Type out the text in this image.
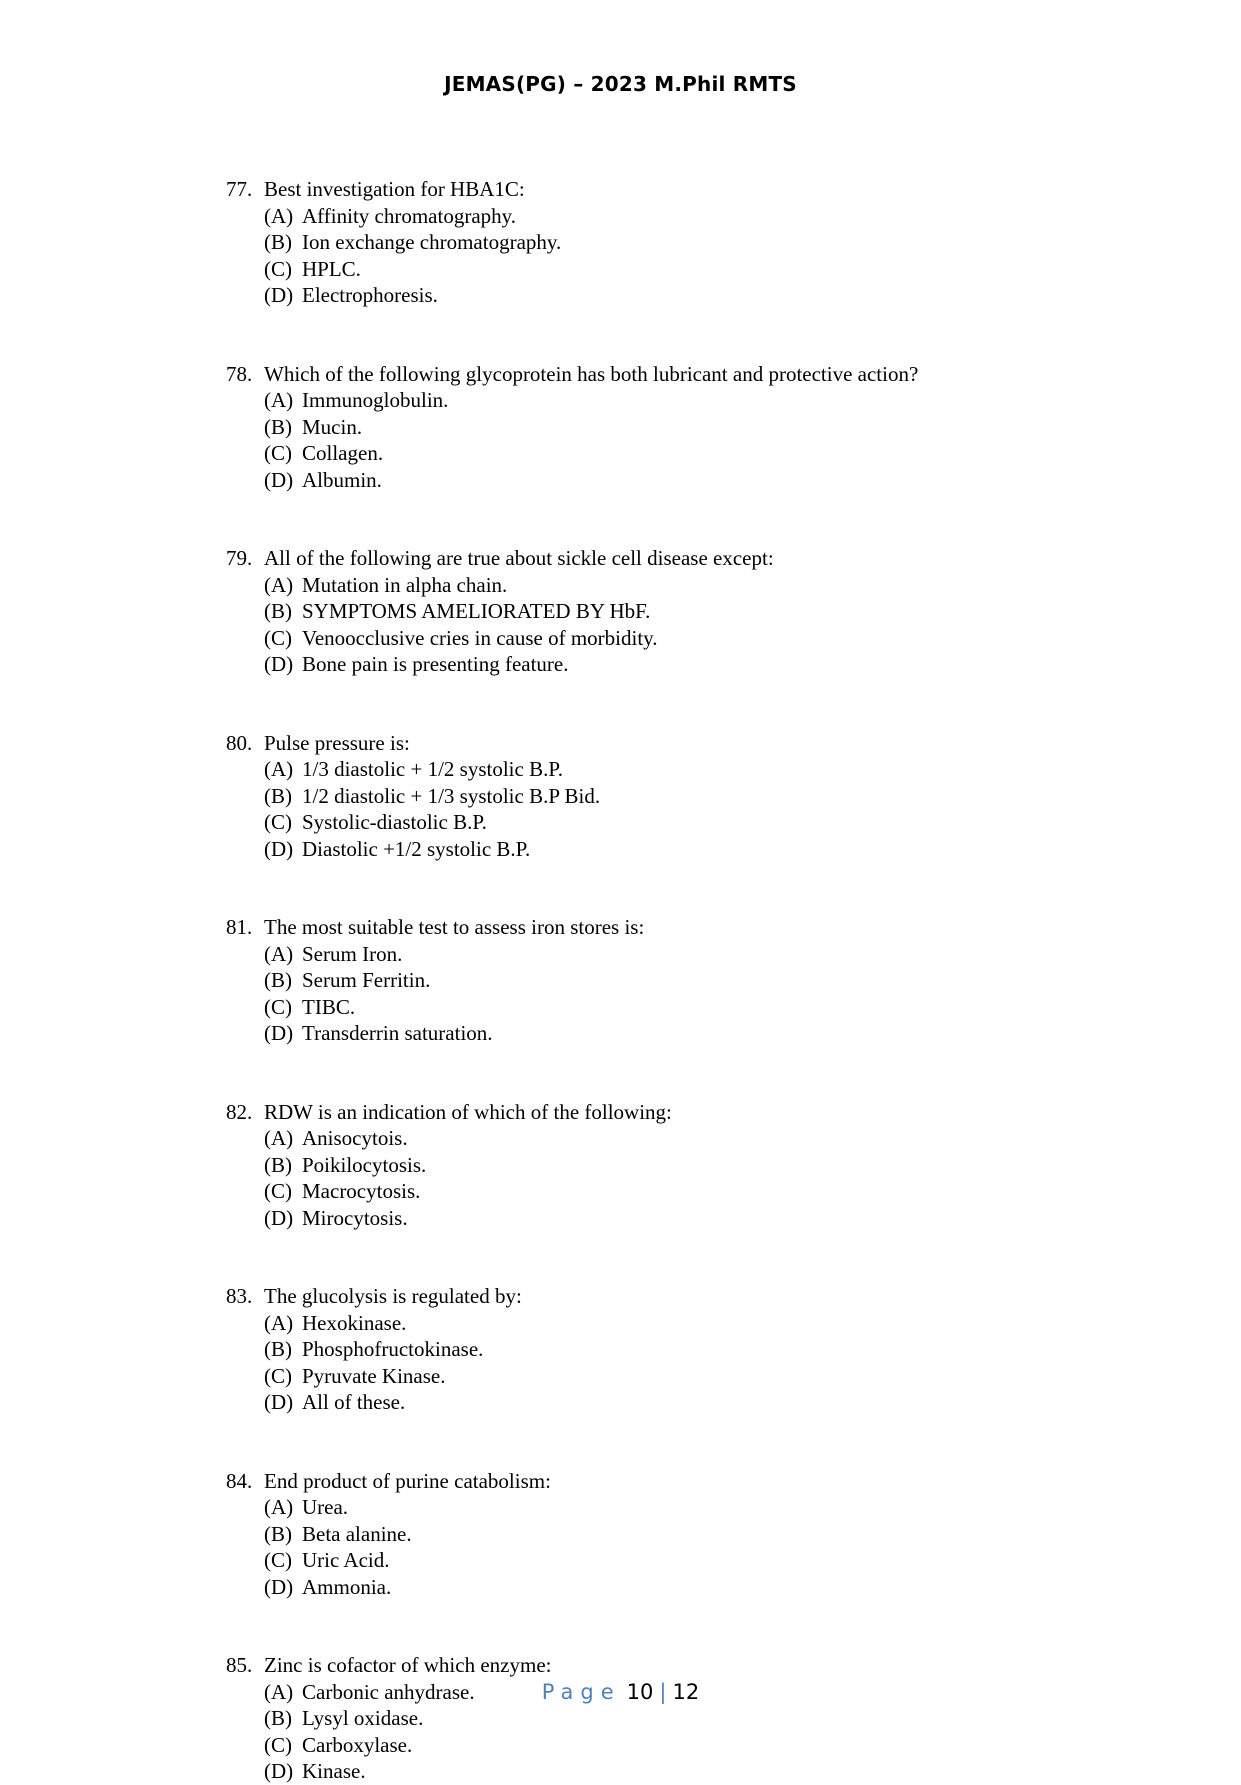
JEMAS(PG) – 2023 M.Phil RMTS
77. Best investigation for HBA1C:
(A) Affinity chromatography.
(B) Ion exchange chromatography.
(C) HPLC.
(D) Electrophoresis.
78. Which of the following glycoprotein has both lubricant and protective action?
(A) Immunoglobulin.
(B) Mucin.
(C) Collagen.
(D) Albumin.
79. All of the following are true about sickle cell disease except:
(A) Mutation in alpha chain.
(B) SYMPTOMS AMELIORATED BY HbF.
(C) Venoocclusive cries in cause of morbidity.
(D) Bone pain is presenting feature.
80. Pulse pressure is:
(A) 1/3 diastolic + 1/2 systolic B.P.
(B) 1/2 diastolic + 1/3 systolic B.P Bid.
(C) Systolic-diastolic B.P.
(D) Diastolic +1/2 systolic B.P.
81. The most suitable test to assess iron stores is:
(A) Serum Iron.
(B) Serum Ferritin.
(C) TIBC.
(D) Transderrin saturation.
82. RDW is an indication of which of the following:
(A) Anisocytois.
(B) Poikilocytosis.
(C) Macrocytosis.
(D) Mirocytosis.
83. The glucolysis is regulated by:
(A) Hexokinase.
(B) Phosphofructokinase.
(C) Pyruvate Kinase.
(D) All of these.
84. End product of purine catabolism:
(A) Urea.
(B) Beta alanine.
(C) Uric Acid.
(D) Ammonia.
85. Zinc is cofactor of which enzyme:
(A) Carbonic anhydrase.
(B) Lysyl oxidase.
(C) Carboxylase.
(D) Kinase.
Page 10 | 12
